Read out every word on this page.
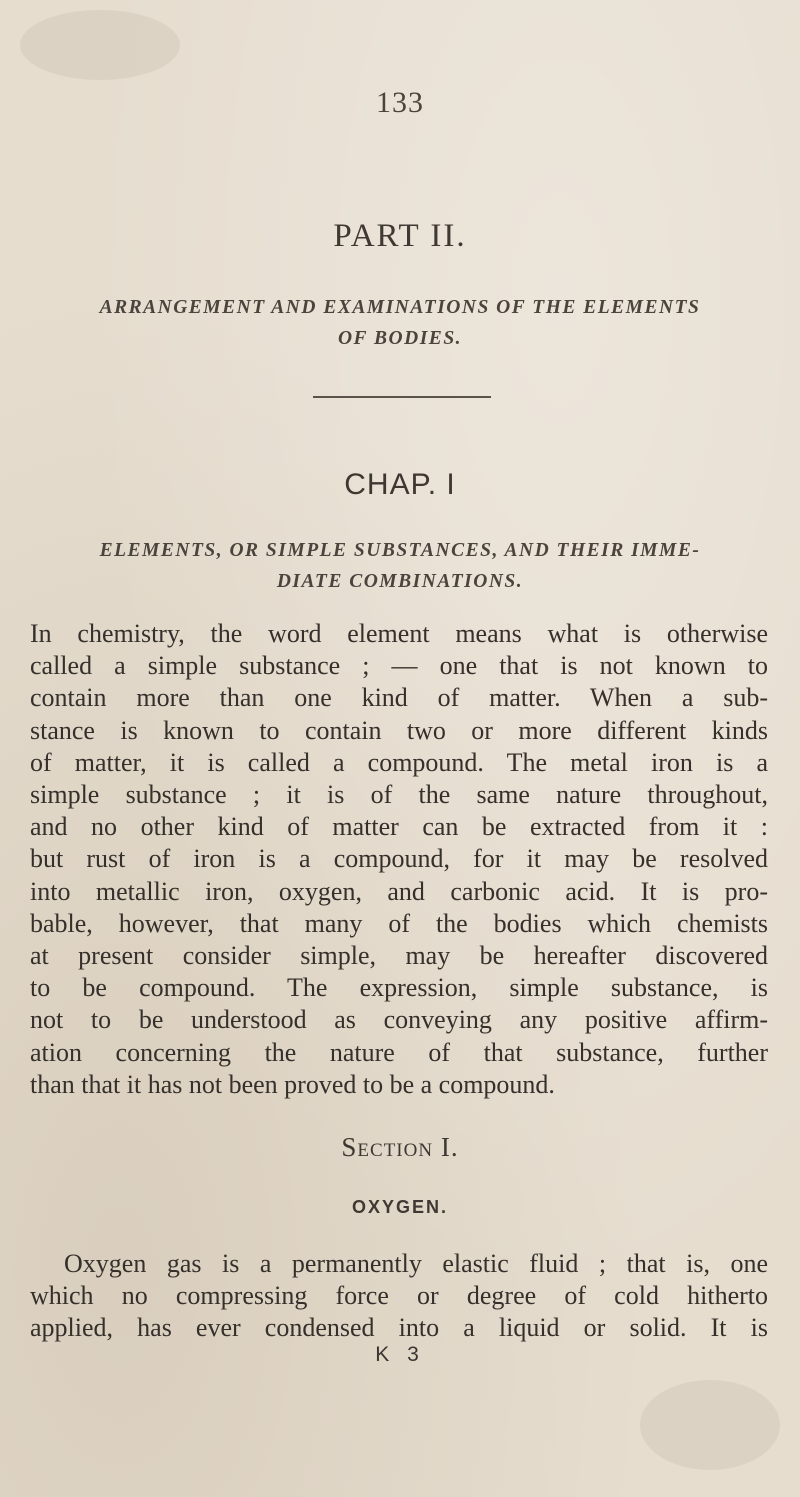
133
PART II.
ARRANGEMENT AND EXAMINATIONS OF THE ELEMENTS
OF BODIES.
CHAP. I
ELEMENTS, OR SIMPLE SUBSTANCES, AND THEIR IMME-
DIATE COMBINATIONS.
In chemistry, the word element means what is otherwise
called a simple substance ; — one that is not known to
contain more than one kind of matter. When a sub-
stance is known to contain two or more different kinds
of matter, it is called a compound. The metal iron is a
simple substance ; it is of the same nature throughout,
and no other kind of matter can be extracted from it :
but rust of iron is a compound, for it may be resolved
into metallic iron, oxygen, and carbonic acid. It is pro-
bable, however, that many of the bodies which chemists
at present consider simple, may be hereafter discovered
to be compound. The expression, simple substance, is
not to be understood as conveying any positive affirm-
ation concerning the nature of that substance, further
than that it has not been proved to be a compound.
Section I.
OXYGEN.
Oxygen gas is a permanently elastic fluid ; that is, one
which no compressing force or degree of cold hitherto
applied, has ever condensed into a liquid or solid. It is
K 3
